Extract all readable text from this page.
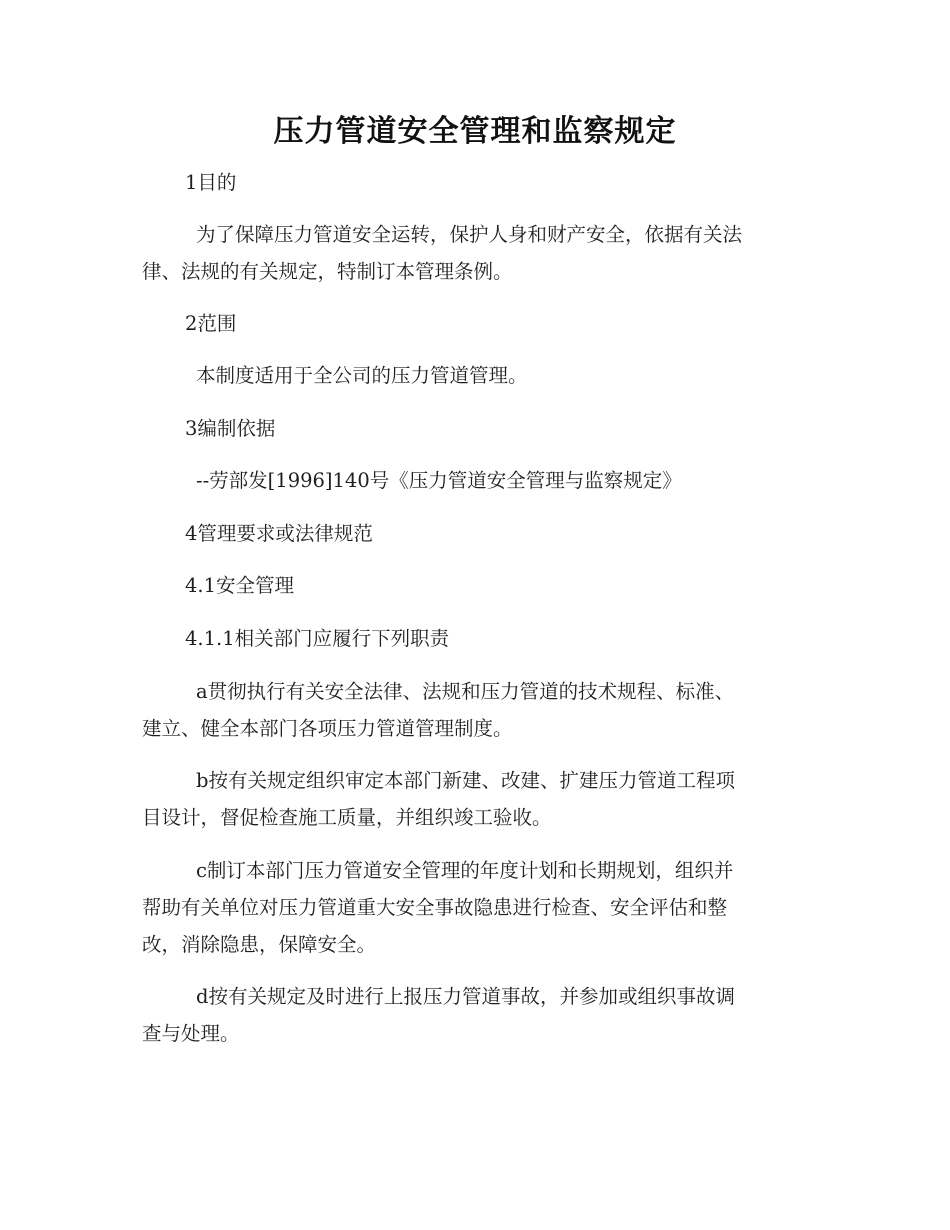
压力管道安全管理和监察规定
1目的
为了保障压力管道安全运转，保护人身和财产安全，依据有关法
律、法规的有关规定，特制订本管理条例。
2范围
本制度适用于全公司的压力管道管理。
3编制依据
--劳部发[1996]140号《压力管道安全管理与监察规定》
4管理要求或法律规范
4.1安全管理
4.1.1相关部门应履行下列职责
a贯彻执行有关安全法律、法规和压力管道的技术规程、标准、
建立、健全本部门各项压力管道管理制度。
b按有关规定组织审定本部门新建、改建、扩建压力管道工程项
目设计，督促检查施工质量，并组织竣工验收。
c制订本部门压力管道安全管理的年度计划和长期规划，组织并
帮助有关单位对压力管道重大安全事故隐患进行检查、安全评估和整
改，消除隐患，保障安全。
d按有关规定及时进行上报压力管道事故，并参加或组织事故调
查与处理。
